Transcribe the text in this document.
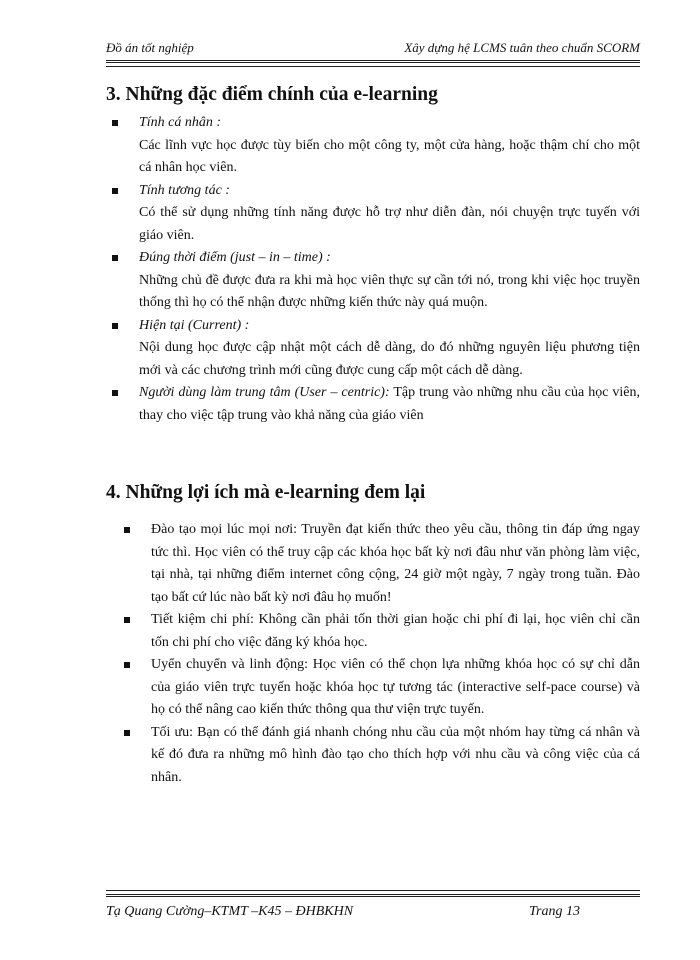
Đồ án tốt nghiệp	Xây dựng hệ LCMS tuân theo chuẩn SCORM
3. Những đặc điểm chính của e-learning
Tính cá nhân :
Các lĩnh vực học được tùy biến cho một công ty, một cửa hàng, hoặc thậm chí cho một cá nhân học viên.
Tính tương tác :
Có thể sử dụng những tính năng được hỗ trợ như diễn đàn, nói chuyện trực tuyến với giáo viên.
Đúng thời điểm (just – in – time) :
Những chủ đề được đưa ra khi mà học viên thực sự cần tới nó, trong khi việc học truyền thống thì họ có thể nhận được những kiến thức này quá muộn.
Hiện tại (Current) :
Nội dung học được cập nhật một cách dễ dàng, do đó những nguyên liệu phương tiện mới và các chương trình mới cũng được cung cấp một cách dễ dàng.
Người dùng làm trung tâm (User – centric): Tập trung vào những nhu cầu của học viên, thay cho việc tập trung vào khả năng của giáo viên
4. Những lợi ích mà e-learning đem lại
Đào tạo mọi lúc mọi nơi: Truyền đạt kiến thức theo yêu cầu, thông tin đáp ứng ngay tức thì. Học viên có thể truy cập các khóa học bất kỳ nơi đâu như văn phòng làm việc, tại nhà, tại những điểm internet công cộng, 24 giờ một ngày, 7 ngày trong tuần. Đào tạo bất cứ lúc nào bất kỳ nơi đâu họ muốn!
Tiết kiệm chi phí: Không cần phải tốn thời gian hoặc chi phí đi lại, học viên chỉ cần tốn chi phí cho việc đăng ký khóa học.
Uyển chuyển và linh động: Học viên có thể chọn lựa những khóa học có sự chỉ dẫn của giáo viên trực tuyến hoặc khóa học tự tương tác (interactive self-pace course) và họ có thể nâng cao kiến thức thông qua thư viện trực tuyến.
Tối ưu: Bạn có thể đánh giá nhanh chóng nhu cầu của một nhóm hay từng cá nhân và kế đó đưa ra những mô hình đào tạo cho thích hợp với nhu cầu và công việc của cá nhân.
Tạ Quang Cường–KTMT –K45 – ĐHBKHN	Trang 13
